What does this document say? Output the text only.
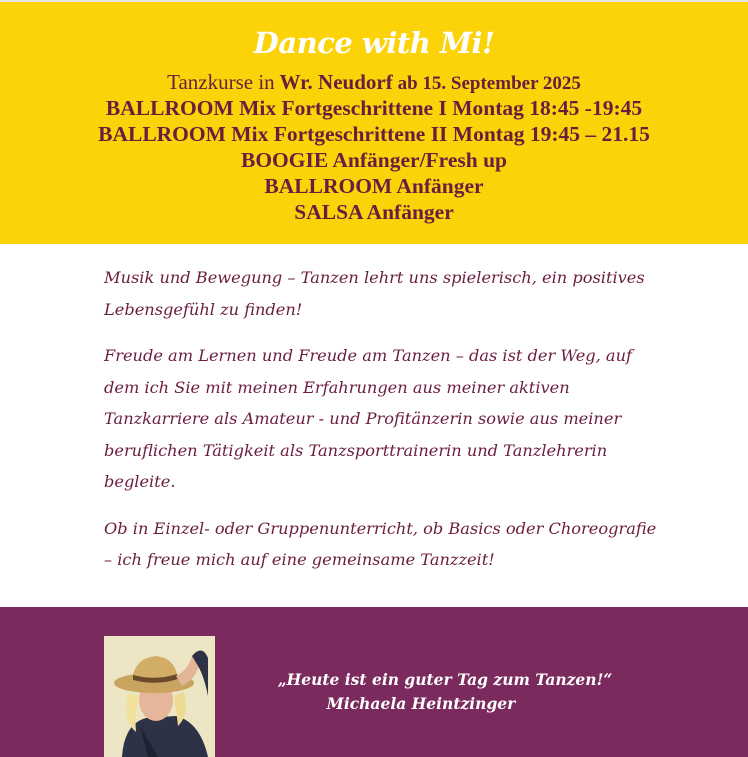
Dance with Mi!
Tanzkurse in Wr. Neudorf ab 15. September 2025
BALLROOM Mix Fortgeschrittene I Montag 18:45 -19:45
BALLROOM Mix Fortgeschrittene II Montag 19:45 – 21.15
BOOGIE Anfänger/Fresh up
BALLROOM Anfänger
SALSA Anfänger

Musik und Bewegung – Tanzen lehrt uns spielerisch, ein positives Lebensgefühl zu finden!

Freude am Lernen und Freude am Tanzen – das ist der Weg, auf dem ich Sie mit meinen Erfahrungen aus meiner aktiven Tanzkarriere als Amateur - und Profitänzerin sowie aus meiner beruflichen Tätigkeit als Tanzsporttrainerin und Tanzlehrerin begleite.

Ob in Einzel- oder Gruppenunterricht, ob Basics oder Choreografie – ich freue mich auf eine gemeinsame Tanzzeit!

„Heute ist ein guter Tag zum Tanzen!“
Michaela Heintzinger
